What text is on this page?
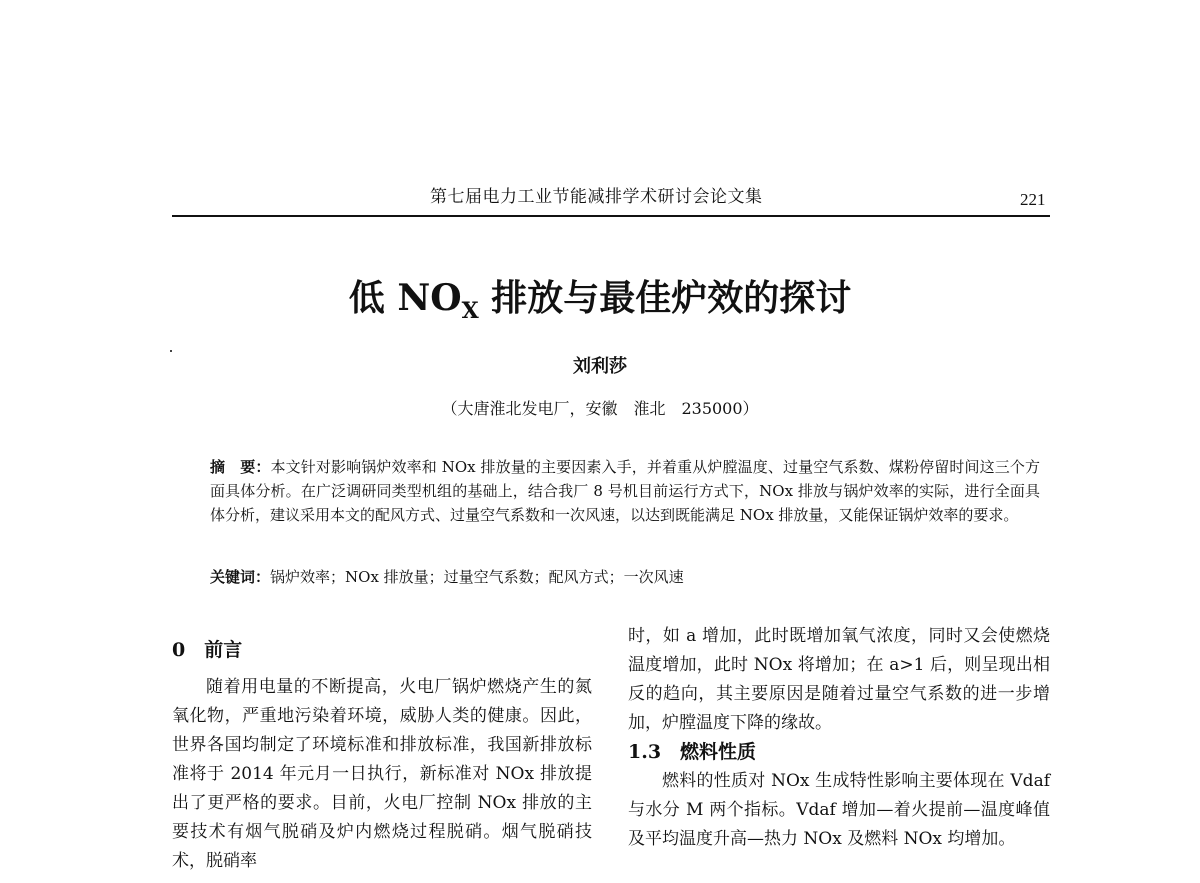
第七届电力工业节能减排学术研讨会论文集	221
低 $NO_X$ 排放与最佳炉效的探讨
刘利莎
（大唐淮北发电厂，安徽　淮北　235000）
摘　要：本文针对影响锅炉效率和 NOx 排放量的主要因素入手，并着重从炉膛温度、过量空气系数、煤粉停留时间这三个方面具体分析。在广泛调研同类型机组的基础上，结合我厂 8 号机目前运行方式下，NOx 排放与锅炉效率的实际，进行全面具体分析，建议采用本文的配风方式、过量空气系数和一次风速，以达到既能满足 NOx 排放量，又能保证锅炉效率的要求。
关键词：锅炉效率；NOx 排放量；过量空气系数；配风方式；一次风速
0　前言

随着用电量的不断提高，火电厂锅炉燃烧产生的氮氧化物，严重地污染着环境，威胁人类的健康。因此，世界各国均制定了环境标准和排放标准，我国新排放标准将于 2014 年元月一日执行，新标准对 NOx 排放提出了更严格的要求。目前，火电厂控制 NOx 排放的主要技术有烟气脱硝及炉内燃烧过程脱硝。烟气脱硝技术，脱硝率

时，如 a 增加，此时既增加氧气浓度，同时又会使燃烧温度增加，此时 NOx 将增加；在 a>1 后，则呈现出相反的趋向，其主要原因是随着过量空气系数的进一步增加，炉膛温度下降的缘故。

1.3　燃料性质

燃料的性质对 NOx 生成特性影响主要体现在 Vdaf 与水分 M 两个指标。Vdaf 增加—着火提前—温度峰值及平均温度升高—热力 NOx 及燃料 NOx 均增加。
